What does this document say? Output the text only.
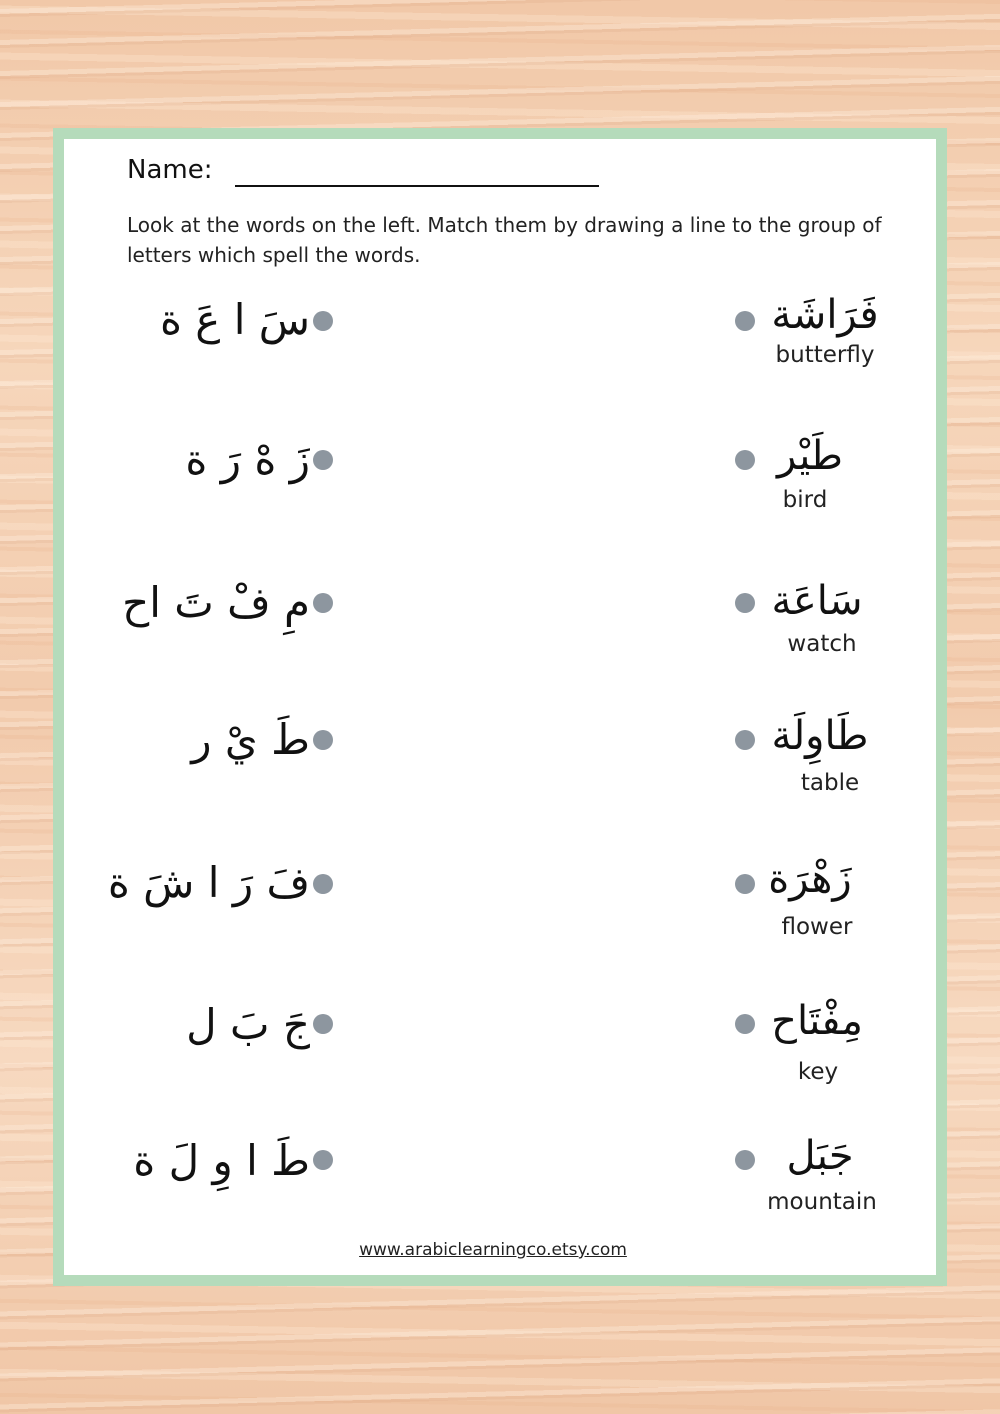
Name:
Look at the words on the left. Match them by drawing a line to the group of letters which spell the words.
سَ ا عَ ة	فَرَاشَة
butterfly
زَ هْ رَ ة	طَيْر
bird
مِ فْ تَ اح	سَاعَة
watch
طَ يْ ر	طَاوِلَة
table
فَ رَ ا شَ ة	زَهْرَة
flower
جَ بَ ل	مِفْتَاح
key
طَ ا وِ لَ ة	جَبَل
mountain
www.arabiclearningco.etsy.com
